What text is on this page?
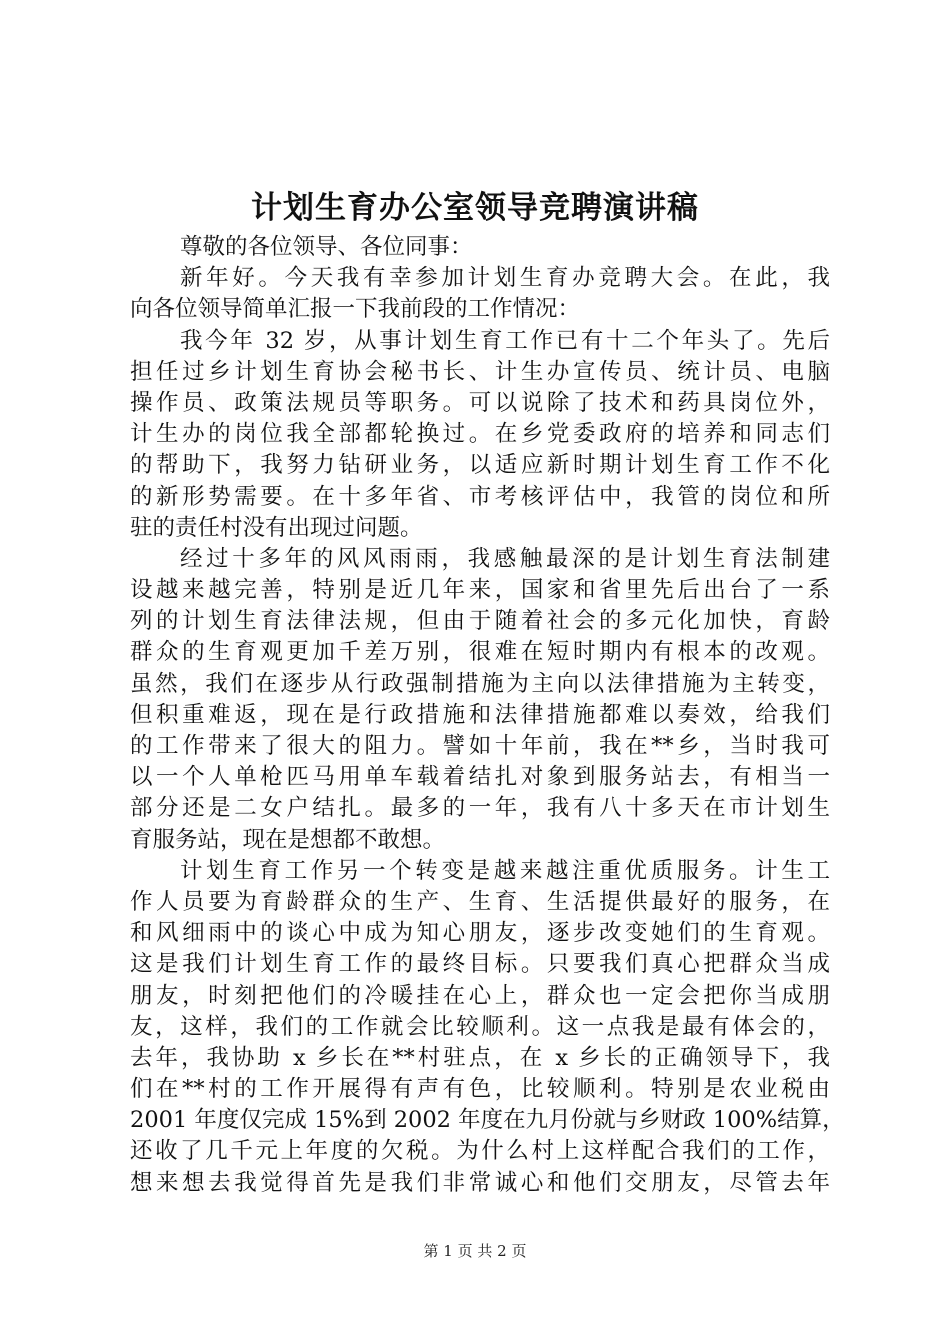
计划生育办公室领导竞聘演讲稿
尊敬的各位领导、各位同事：
新年好。今天我有幸参加计划生育办竞聘大会。在此，我
向各位领导简单汇报一下我前段的工作情况：
我今年 32 岁，从事计划生育工作已有十二个年头了。先后
担任过乡计划生育协会秘书长、计生办宣传员、统计员、电脑
操作员、政策法规员等职务。可以说除了技术和药具岗位外，
计生办的岗位我全部都轮换过。在乡党委政府的培养和同志们
的帮助下，我努力钻研业务，以适应新时期计划生育工作不化
的新形势需要。在十多年省、市考核评估中，我管的岗位和所
驻的责任村没有出现过问题。
经过十多年的风风雨雨，我感触最深的是计划生育法制建
设越来越完善，特别是近几年来，国家和省里先后出台了一系
列的计划生育法律法规，但由于随着社会的多元化加快，育龄
群众的生育观更加千差万别，很难在短时期内有根本的改观。
虽然，我们在逐步从行政强制措施为主向以法律措施为主转变，
但积重难返，现在是行政措施和法律措施都难以奏效，给我们
的工作带来了很大的阻力。譬如十年前，我在**乡，当时我可
以一个人单枪匹马用单车载着结扎对象到服务站去，有相当一
部分还是二女户结扎。最多的一年，我有八十多天在市计划生
育服务站，现在是想都不敢想。
计划生育工作另一个转变是越来越注重优质服务。计生工
作人员要为育龄群众的生产、生育、生活提供最好的服务，在
和风细雨中的谈心中成为知心朋友，逐步改变她们的生育观。
这是我们计划生育工作的最终目标。只要我们真心把群众当成
朋友，时刻把他们的冷暖挂在心上，群众也一定会把你当成朋
友，这样，我们的工作就会比较顺利。这一点我是最有体会的，
去年，我协助 x 乡长在**村驻点，在 x 乡长的正确领导下，我
们在**村的工作开展得有声有色，比较顺利。特别是农业税由
2001 年度仅完成 15%到 2002 年度在九月份就与乡财政 100%结算，
还收了几千元上年度的欠税。为什么村上这样配合我们的工作，
想来想去我觉得首先是我们非常诚心和他们交朋友，尽管去年
第 1 页 共 2 页
